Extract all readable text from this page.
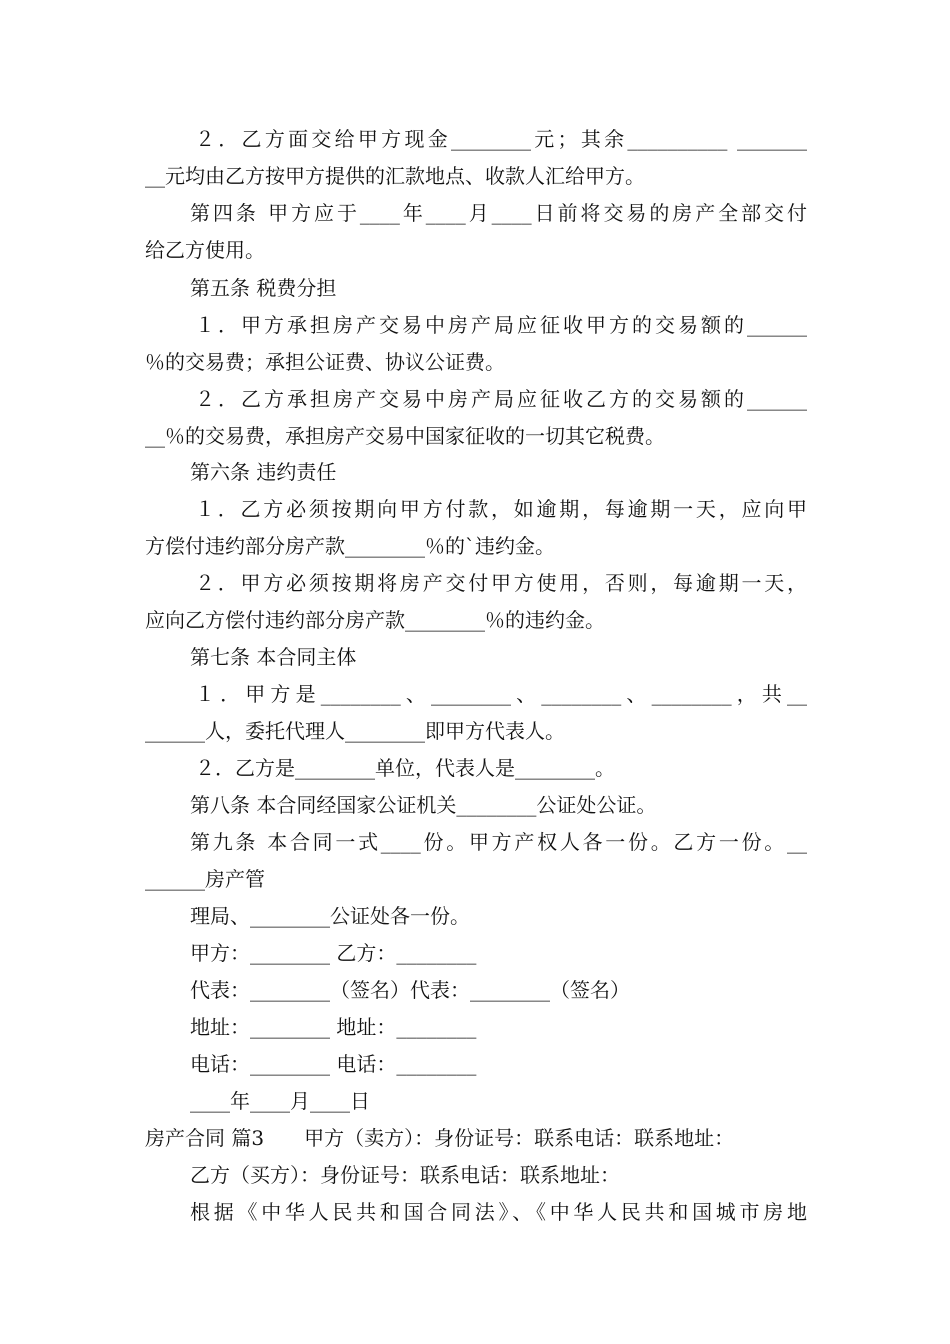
２．乙方面交给甲方现金________元；其余__________ _______
__元均由乙方按甲方提供的汇款地点、收款人汇给甲方。
第四条 甲方应于____年____月____日前将交易的房产全部交付
给乙方使用。
第五条 税费分担
１．甲方承担房产交易中房产局应征收甲方的交易额的______
％的交易费；承担公证费、协议公证费。
２．乙方承担房产交易中房产局应征收乙方的交易额的______
__％的交易费，承担房产交易中国家征收的一切其它税费。
第六条 违约责任
１．乙方必须按期向甲方付款，如逾期，每逾期一天，应向甲
方偿付违约部分房产款________％的`违约金。
２．甲方必须按期将房产交付甲方使用，否则，每逾期一天，
应向乙方偿付违约部分房产款________％的违约金。
第七条 本合同主体
１．甲方是________、________、________、________，共__
______人，委托代理人________即甲方代表人。
２．乙方是________单位，代表人是________。
第八条 本合同经国家公证机关________公证处公证。
第九条 本合同一式____份。甲方产权人各一份。乙方一份。__
______房产管
理局、________公证处各一份。
甲方：________ 乙方：________
代表：________（签名）代表：________（签名）
地址：________ 地址：________
电话：________ 电话：________
____年____月____日
房产合同 篇3　　甲方（卖方）：身份证号：联系电话：联系地址：
乙方（买方）：身份证号：联系电话：联系地址：
根据《中华人民共和国合同法》、《中华人民共和国城市房地
